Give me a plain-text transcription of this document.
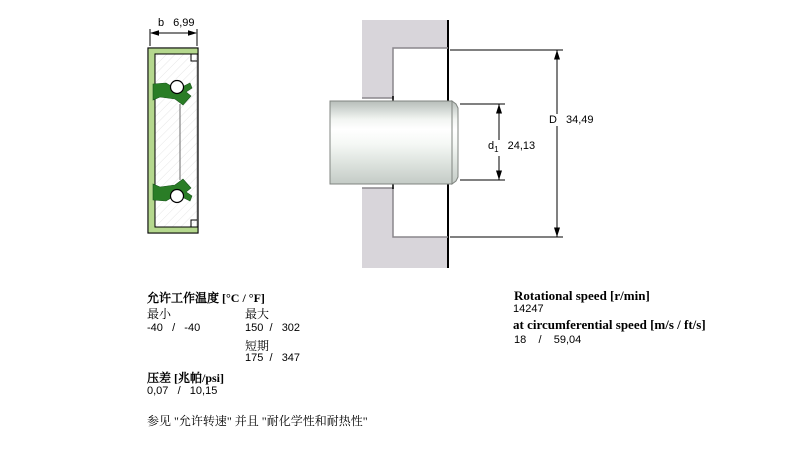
b 6,99
$d_1$ 24,13
D 34,49
允许工作温度 [°C / °F]
最小	最大
-40   /   -40	150  /   302
短期
175  /   347
压差 [兆帕/psi]
0,07   /   10,15
参见 "允许转速" 并且 "耐化学性和耐热性"
Rotational speed [r/min]
14247
at circumferential speed [m/s / ft/s]
18    /    59,04
